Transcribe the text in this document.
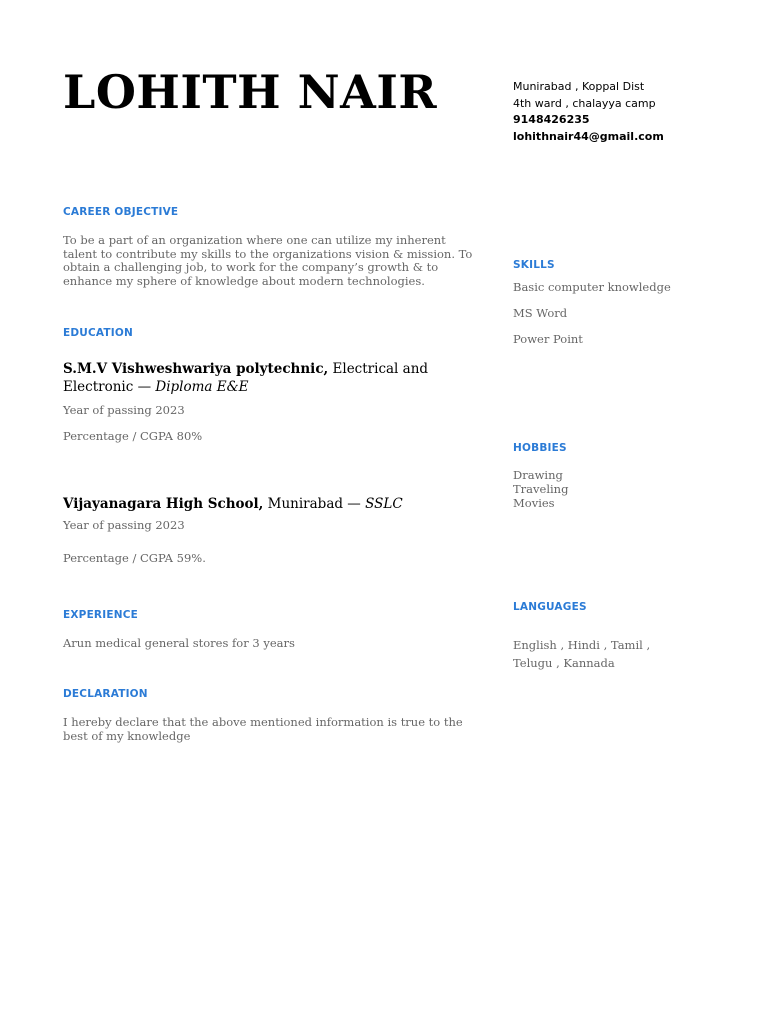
LOHITH NAIR	Munirabad , Koppal Dist
4th ward , chalayya camp
9148426235
lohithnair44@gmail.com
CAREER OBJECTIVE

To be a part of an organization where one can utilize my inherent talent to contribute my skills to the organizations vision & mission. To obtain a challenging job, to work for the company’s growth & to enhance my sphere of knowledge about modern technologies.

EDUCATION
S.M.V Vishweshwariya polytechnic, Electrical and Electronic — Diploma E&E

Year of passing 2023

Percentage / CGPA 80%

Vijayanagara High School, Munirabad — SSLC

Year of passing 2023

Percentage / CGPA 59%.

EXPERIENCE

Arun medical general stores for 3 years

DECLARATION

I hereby declare that the above mentioned information is true to the best of my knowledge

SKILLS

Basic computer knowledge

MS Word

Power Point

HOBBIES

Drawing

Traveling

Movies

LANGUAGES

English , Hindi , Tamil , Telugu , Kannada
